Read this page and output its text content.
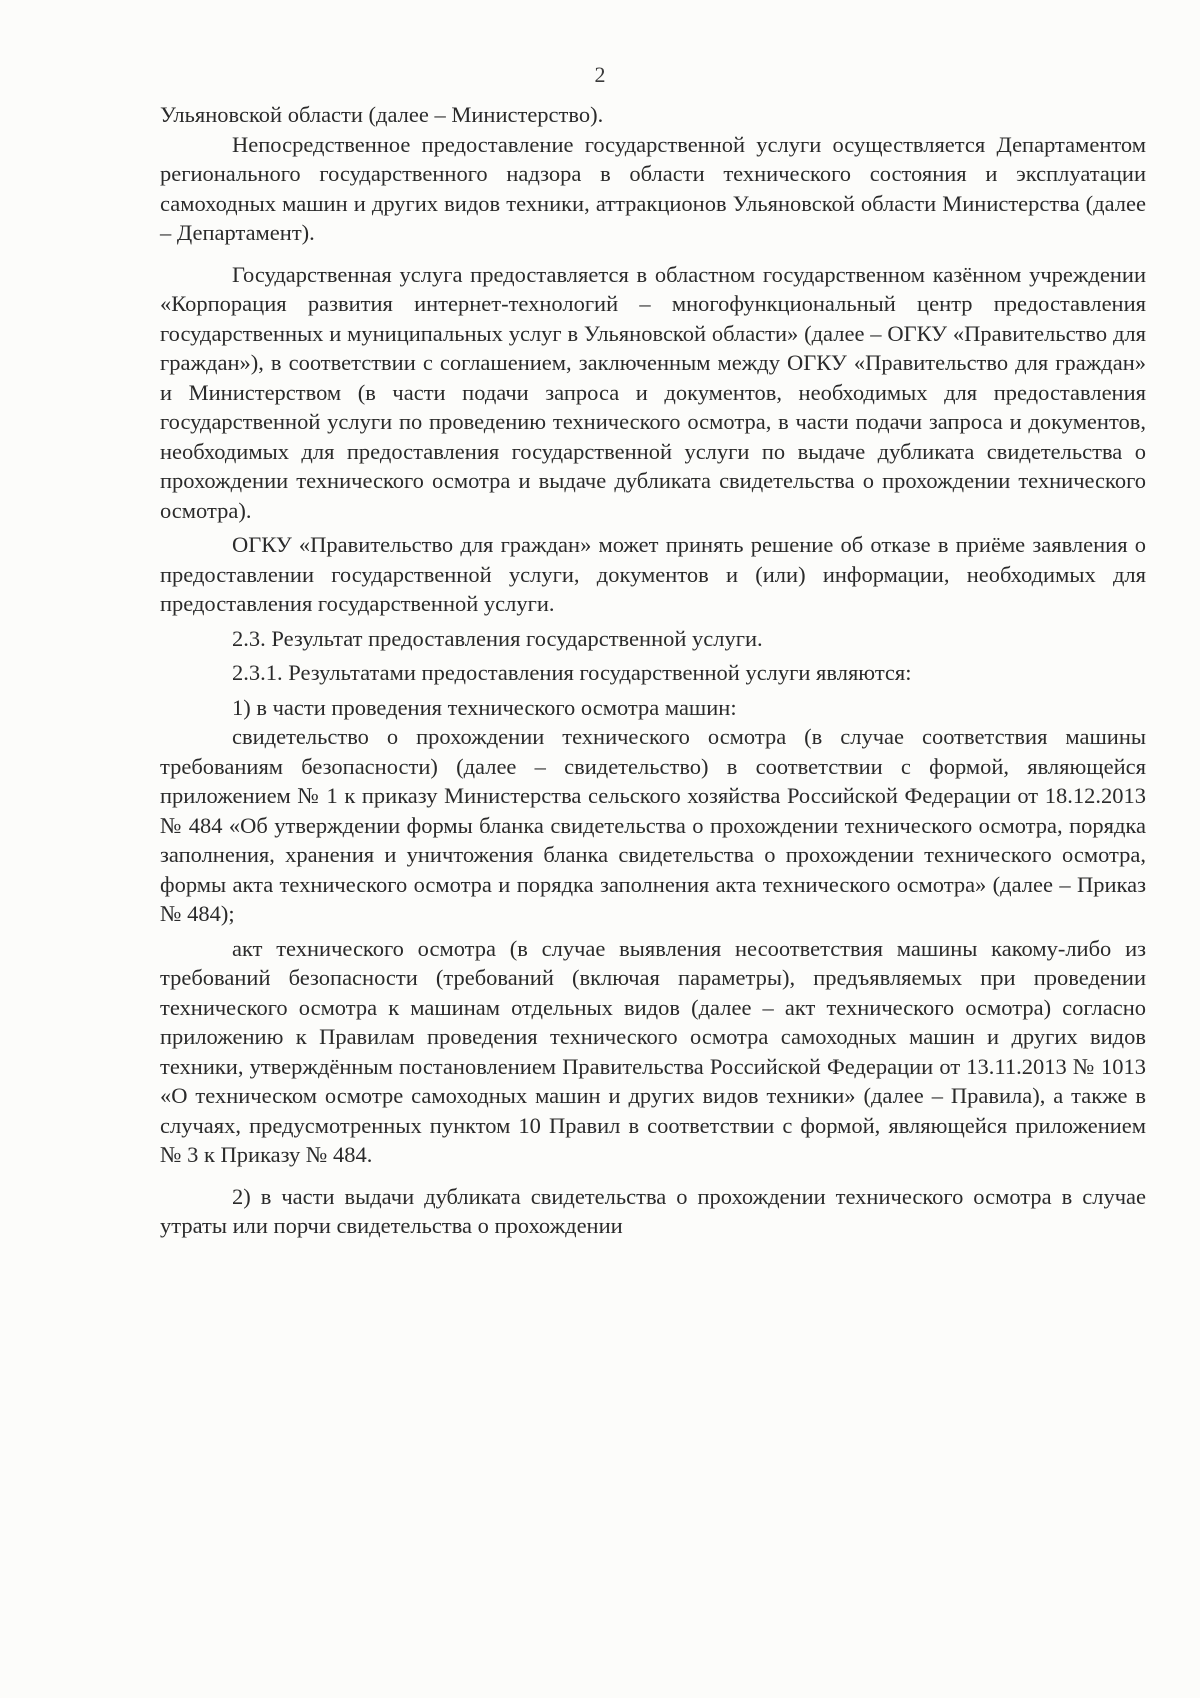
2

Ульяновской области (далее – Министерство).

Непосредственное предоставление государственной услуги осуществляется Департаментом регионального государственного надзора в области технического состояния и эксплуатации самоходных машин и других видов техники, аттракционов Ульяновской области Министерства (далее – Департамент).

Государственная услуга предоставляется в областном государственном казённом учреждении «Корпорация развития интернет-технологий – многофункциональный центр предоставления государственных и муниципальных услуг в Ульяновской области» (далее – ОГКУ «Правительство для граждан»), в соответствии с соглашением, заключенным между ОГКУ «Правительство для граждан» и Министерством (в части подачи запроса и документов, необходимых для предоставления государственной услуги по проведению технического осмотра, в части подачи запроса и документов, необходимых для предоставления государственной услуги по выдаче дубликата свидетельства о прохождении технического осмотра и выдаче дубликата свидетельства о прохождении технического осмотра).

ОГКУ «Правительство для граждан» может принять решение об отказе в приёме заявления о предоставлении государственной услуги, документов и (или) информации, необходимых для предоставления государственной услуги.

2.3. Результат предоставления государственной услуги.

2.3.1. Результатами предоставления государственной услуги являются:

1) в части проведения технического осмотра машин:

свидетельство о прохождении технического осмотра (в случае соответствия машины требованиям безопасности) (далее – свидетельство) в соответствии с формой, являющейся приложением № 1 к приказу Министерства сельского хозяйства Российской Федерации от 18.12.2013 № 484 «Об утверждении формы бланка свидетельства о прохождении технического осмотра, порядка заполнения, хранения и уничтожения бланка свидетельства о прохождении технического осмотра, формы акта технического осмотра и порядка заполнения акта технического осмотра» (далее – Приказ № 484);

акт технического осмотра (в случае выявления несоответствия машины какому-либо из требований безопасности (требований (включая параметры), предъявляемых при проведении технического осмотра к машинам отдельных видов (далее – акт технического осмотра) согласно приложению к Правилам проведения технического осмотра самоходных машин и других видов техники, утверждённым постановлением Правительства Российской Федерации от 13.11.2013 № 1013 «О техническом осмотре самоходных машин и других видов техники» (далее – Правила), а также в случаях, предусмотренных пунктом 10 Правил в соответствии с формой, являющейся приложением № 3 к Приказу № 484.

2) в части выдачи дубликата свидетельства о прохождении технического осмотра в случае утраты или порчи свидетельства о прохождении
